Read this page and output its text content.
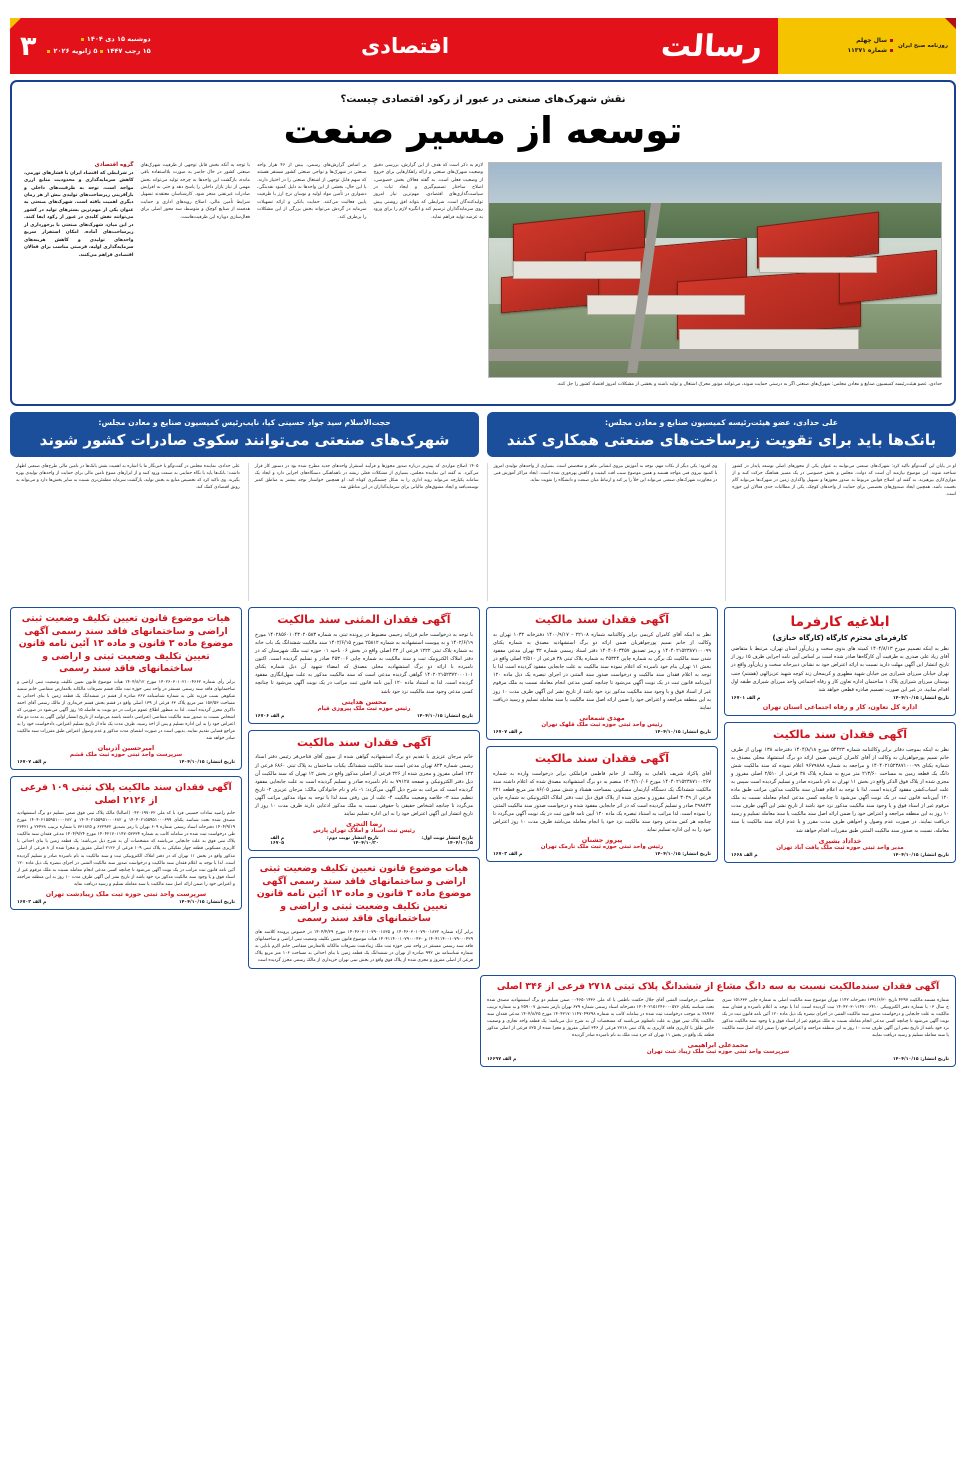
روزنامه صبح ایران
سال چهلم
شماره ۱۱۳۷۱
رسالت
اقتصادی
۳	دوشنبه ۱۵ دی ۱۴۰۴
۱۵ رجب ۱۴۴۷۵ ژانویه ۲۰۲۶
نقش شهرک‌های صنعتی در عبور از رکود اقتصادی چیست؟
توسعه از مسیر صنعت
حدادی، عضو هیئت‌رئیسه کمیسیون صنایع و معادن مجلس: شهرک‌های صنعتی اگر به درستی حمایت شوند، می‌توانند موتور محرک اشتغال و تولید باشند و بخشی از مشکلات امروز اقتصاد کشور را حل کنند.
لازم به ذکر است که هدف از این گزارش، بررسی دقیق وضعیت شهرک‌های صنعتی و ارائه راهکارهایی برای خروج از وضعیت فعلی است. به گفته فعالان بخش خصوصی، اصلاح ساختار تصمیم‌گیری و ایجاد ثبات در سیاست‌گذاری‌های اقتصادی، مهم‌ترین نیاز امروز تولیدکنندگان است. شرایطی که بتواند افق روشنی پیش روی سرمایه‌گذاران ترسیم کند و انگیزه لازم را برای ورود به عرصه تولید فراهم نماید.
بر اساس گزارش‌های رسمی، بیش از ۴۶ هزار واحد صنعتی در شهرک‌ها و نواحی صنعتی کشور مستقر هستند که سهم قابل توجهی از اشتغال صنعتی را در اختیار دارند. با این حال، بخشی از این واحدها به دلیل کمبود نقدینگی، دشواری در تأمین مواد اولیه و نوسان نرخ ارز با ظرفیت پایین فعالیت می‌کنند. حمایت بانکی و ارائه تسهیلات سرمایه در گردش می‌تواند بخش بزرگی از این مشکلات را برطرف کند.
با توجه به آنکه بخش قابل توجهی از ظرفیت شهرک‌های صنعتی کشور در حال حاضر به صورت بلااستفاده باقی مانده، بازگشت این واحدها به چرخه تولید می‌تواند بخش مهمی از نیاز بازار داخلی را پاسخ دهد و حتی به افزایش صادرات غیرنفتی منجر شود. کارشناسان معتقدند تسهیل شرایط تأمین مالی، اصلاح رویه‌های اداری و حمایت هدفمند از صنایع کوچک و متوسط، سه محور اصلی برای فعال‌سازی دوباره این ظرفیت‌هاست.
گروه اقتصادی
در شرایطی که اقتصاد ایران با فشارهای تورمی، کاهش سرمایه‌گذاری و محدودیت منابع ارزی مواجه است، توجه به ظرفیت‌های داخلی و بازآفرینی زیرساخت‌های تولیدی بیش از هر زمان دیگری اهمیت یافته است. شهرک‌های صنعتی به عنوان یکی از مهم‌ترین بسترهای تولید در کشور می‌توانند نقش کلیدی در عبور از رکود ایفا کنند. در این میان، شهرک‌های صنعتی با برخورداری از زیرساخت‌های آماده، امکان استقرار سریع واحدهای تولیدی و کاهش هزینه‌های سرمایه‌گذاری اولیه، فرصتی مناسب برای فعالان اقتصادی فراهم می‌کنند.
علی حدادی، عضو هیئت‌رئیسه کمیسیون صنایع و معادن مجلس:
بانک‌ها باید برای تقویت زیرساخت‌های صنعتی همکاری کنند
حجت‌الاسلام سید جواد حسینی کیا، نایب‌رئیس کمیسیون صنایع و معادن مجلس:
شهرک‌های صنعتی می‌توانند سکوی صادرات کشور شوند
او در پایان این گفت‌وگو تاکید کرد: شهرک‌های صنعتی می‌توانند به عنوان یکی از محورهای اصلی توسعه پایدار در کشور شناخته شوند. این موضوع نیازمند آن است که دولت، مجلس و بخش خصوصی در یک مسیر هماهنگ حرکت کنند و از موازی‌کاری بپرهیزند. به گفته او، اصلاح قوانین مربوط به صدور مجوزها و تسهیل واگذاری زمین در شهرک‌ها می‌تواند گام نخست باشد. همچنین ایجاد صندوق‌های تخصصی برای حمایت از واحدهای کوچک، یکی از مطالبات جدی فعالان این حوزه است.
وی افزود: یکی دیگر از نکات مهم، توجه به آموزش نیروی انسانی ماهر و متخصص است. بسیاری از واحدهای تولیدی امروز با کمبود نیروی فنی مواجه هستند و همین موضوع سبب افت کیفیت و کاهش بهره‌وری شده است. ایجاد مراکز آموزش فنی در مجاورت شهرک‌های صنعتی می‌تواند این خلأ را پر کند و ارتباط میان صنعت و دانشگاه را تقویت نماید.
۱۴۰۵ اصلاح مواردی که پیش‌تر درباره صدور مجوزها و فرآیند استقرار واحدهای جدید مطرح شده بود در دستور کار قرار می‌گیرد. به گفته این نماینده مجلس، بسیاری از مشکلات فعلی ریشه در ناهماهنگی دستگاه‌های اجرایی دارد و ایجاد یک سامانه یکپارچه می‌تواند روند اداری را به شکل چشمگیری کوتاه کند. او همچنین خواستار توجه بیشتر به مناطق کمتر توسعه‌یافته و ایجاد مشوق‌های مالیاتی برای سرمایه‌گذاران در این مناطق شد.
علی حدادی، نماینده مجلس در گفت‌وگو با خبرنگار ما با اشاره به اهمیت نقش بانک‌ها در تامین مالی طرح‌های صنعتی اظهار داشت: بانک‌ها باید با نگاه حمایتی به صنعت ورود کنند و از ابزارهای متنوع تامین مالی برای حمایت از واحدهای تولیدی بهره بگیرند. وی تاکید کرد که تخصیص منابع به بخش تولید، بازگشت سرمایه مطمئن‌تری نسبت به سایر بخش‌ها دارد و می‌تواند به رونق اقتصادی کمک کند.
ابلاغیه کارفرما
کارفرمای محترم کارگاه (کارگاه خبازی)
نظر به اینکه تصمیم مورخ ۱۴۰۴/۸/۱۳ کمیته های بدوی سخت و زیان‌آور استان تهران، مرتبط با متقاضی آقای زیاد علی صدری به طرفیت آن کارگاه‌ها صادر شده است بر اساس آیین نامه اجرایی ظرف ۱۵ روز از تاریخ انتشار این آگهی مهلت دارید نسبت به ارائه اعتراض خود به نشانی دبیرخانه سخت و زیان‌آور واقع در تهران خیابان میرزای شیرازی بین خیابان شهید مطهری و کریمخان زند کوچه شهید عزیزالهی (هشتم) جنب بوستان میرزای شیرازی پلاک ۱ ساختمان اداره تعاون کار و رفاه اجتماعی واحد میرزای شیرازی طبقه اول اقدام نمایید. در غیر این صورت تصمیم صادره قطعی خواهد شد
تاریخ انتشار: ۱۴۰۴/۱۰/۱۵
م الف ۱۶۷۰۱
اداره کل تعاون، کار و رفاه اجتماعی استان تهران
آگهی فقدان سند مالکیت
نظر به اینکه بموجب دفاتر برابر وکالتنامه شماره ۵۴۴۲۳ مورخ ۱۴۰۴/۸/۱۸ دفترخانه ۱۳۸ تهران از طرف خانم نسیم پورجواهریان به وکالت از آقای کامران کریمی ضمن ارائه دو برگ استشهاد محلی مصدق به شماره یکتای ۱۴۰۴۰۲۱۵۲۳۸۷۱۰۰۰۹۹ و مراجعه به شماره ۹۶۷۹۸۸۸ اعلام نموده که سند مالکیت شش دانگ یک قطعه زمین به مساحت ۲۱۳/۶۰ متر مربع به شماره پلاک ۳۸ فرعی از ۲/۵۱۰ اصلی مفروز و مجزی شده از پلاک فوق الذکر واقع در بخش ۱۱ تهران به نام نامبرده صادر و تسلیم گردیده است سپس به علت اسباب‌کشی مفقود گردیده است. لذا با توجه به اعلام فقدان سند مالکیت مذکور، مراتب طبق ماده ۱۲۰ آیین‌نامه قانون ثبت در یک نوبت آگهی می‌شود تا چنانچه کسی مدعی انجام معامله نسبت به ملک مرقوم غیر از اسناد فوق و یا وجود سند مالکیت مذکور نزد خود باشد از تاریخ نشر این آگهی ظرف مدت ۱۰ روز به این منطقه مراجعه و اعتراض خود را ضمن ارائه اصل سند مالکیت یا سند معامله تسلیم و رسید دریافت نمایند. در صورت عدم وصول و اخواهی طرف مدت مقرر و یا عدم ارائه سند مالکیت یا سند معامله، نسبت به صدور سند مالکیت المثنی طبق مقررات اقدام خواهد شد
خداداد بشیری
مدیر واحد ثبتی حوزه ثبت ملک یافت آباد تهران
تاریخ انتشار: ۱۴۰۴/۱۰/۱۵
م الف ۱۶۶۸
آگهی فقدان سند مالکیت
نظر به اینکه آقای کامران کریمی برابر وکالتنامه شماره ۲۲۱۰۸ - ۱۴۰۰/۹/۱۷ دفترخانه ۱۰۳۲ تهران به وکالت از خانم نسیم پورجواهریان ضمن ارائه دو برگ استشهادیه مصدق به شماره یکتای ۱۴۰۴۰۲۱۵۲۳۸۷۱۰۰۰۹۹ و رمز تصدیق ۱۴۰۴۰۶۰۳۴۵۷ دفتر اسناد رسمی شماره ۳۲ تهران مدعی مفقود شدن سند مالکیت تک برگی به شماره چاپی ۴۵۳۲۴ به شماره پلاک ثبتی ۳۸ فرعی از ۲/۵۱۰ اصلی واقع در بخش ۱۱ تهران بنام خود نامبرده که اعلام نموده سند مالکیت به علت جابجایی مفقود گردیده است لذا با توجه به اعلام فقدان سند مالکیت و درخواست صدور سند المثنی در اجرای تبصره یک ذیل ماده ۱۲۰ آیین‌نامه قانون ثبت در یک نوبت آگهی می‌شود تا چنانچه کسی مدعی انجام معامله نسبت به ملک مرقوم غیر از اسناد فوق و یا وجود سند مالکیت مذکور نزد خود باشد از تاریخ نشر این آگهی ظرف مدت ۱۰ روز به این منطقه مراجعه و اعتراض خود را ضمن ارائه اصل سند مالکیت یا سند معامله تسلیم و رسید دریافت نمایند
مهدی شمعانی
رئیس واحد ثبتی حوزه ثبت ملک قلهک تهران
تاریخ انتشار: ۱۴۰۴/۱۰/۱۵
م الف ۱۶۷۰۷
آگهی فقدان سند مالکیت
آقای پاکزاد شریف بالعابی به وکالت از خانم فاطمی قراملکی برابر درخواست وارده به شماره ۱۴۰۴۰۲۱۵۲۳۸۷۱۰۰۲۶۷ مورخ ۱۴۰۴/۱۰/۰۶ منضم به دو برگ استشهادیه مصدق شده که اعلام داشته سند مالکیت ششدانگ یک دستگاه آپارتمان مسکونی بمساحت هشتاد و شش ممیز ۸۶/۰۵ متر مربع قطعه ۲۲۱ فرعی از ۳۰۴۹ اصلی مفروز و مجزی شده از پلاک فوق ذیل ثبت دفتر املاک الکترونیکی به شماره چاپی ۲۹۸۸۴۳ صادر و تسلیم گردیده است که در اثر جابجایی مفقود شده و درخواست صدور سند مالکیت المثنی را نموده است. لذا مراتب به استناد تبصره یک ماده ۱۲۰ آیین نامه قانون ثبت در یک نوبت آگهی می‌گردد تا چنانچه هر کس مدعی وجود سند مالکیت نزد خود یا انجام معامله می‌باشد ظرف مدت ۱۰ روز اعتراض خود را به این اداره تسلیم نماید
پیروز جشنان
رئیس واحد ثبتی حوزه ثبت ملک نارمک تهران
تاریخ انتشار: ۱۴۰۴/۱۰/۱۵
م الف ۱۶۷۰۳
آگهی فقدان المثنی سند مالکیت
با توجه به درخواست خانم فرزانه رحیمی مضبوط در پرونده ثبتی به شماره ۱۴۰۲۸۵۶۰۱۰۴۳۰۲۰۵۸۳ مورخ ۱۴۰۲/۶/۱۹ و به پیوست استشهادیه به شماره ۲۵۸۱۲ مورخ ۱۴۰۲/۶/۱۵ سند مالکیت ششدانگ یک باب خانه به شماره پلاک ثبتی ۱۲۲۲ فرعی از ۴۳ اصلی واقع در بخش ۰۶ ناحیه ۰۱ حوزه ثبت ملک شهرستان که در دفتر املاک الکترونیک ثبت و سند مالکیت به شماره چاپی ۴۵۳۰۰۶ صادر و تسلیم گردیده است. اکنون نامبرده با ارائه دو برگ استشهادیه محلی مصدق که امضاء شهود آن ذیل شماره یکتای ۱۴۰۲۰۲۱۵۲۳۷۲۰۰۰۱۰۱ گواهی گردیده مدعی است که سند مالکیت مذکور به علت سهل‌انگاری مفقود گردیده است. لذا به استناد ماده ۱۲۰ آیین نامه قانون ثبت مراتب در یک نوبت آگهی می‌شود تا چنانچه کسی مدعی وجود سند مالکیت نزد خود باشد
محسن هدایتی
رئیس حوزه ثبت ملک پیروزی قیام
تاریخ انتشار: ۱۴۰۴/۱۰/۱۵
م الف ۱۶۷۰۶
آگهی فقدان سند مالکیت
خانم مرجان عزیزی با تقدیم دو برگ استشهادیه گواهی شده از سوی آقای فتاحی‌فر رئیس دفتر اسناد رسمی شماره ۸۲۳ تهران مدعی است سند مالکیت ششدانگ یکباب ساختمان به پلاک ثبتی ۶۸۶۰ فرعی از ۱۲۲ اصلی مفروز و مجزی شده از ۲۲۶ فرعی از اصلی مذکور واقع در بخش ۱۲ تهران که سند مالکیت آن ذیل دفتر الکترونیکی و صفحه ۷۹۱۲۸ به نام نامبرده صادر و تسلیم گردیده است به علت جابجایی مفقود گردیده است که مراتب به شرح ذیل آگهی می‌گردد: ۱- نام و نام خانوادگی مالک: مرجان عزیزی ۲- تاریخ تنظیم سند ۳- خلاصه وضعیت مالکیت ۴- علت از بین رفتن سند لذا با توجه به مواد مذکور مراتب آگهی می‌گردد تا چنانچه اشخاص حقیقی یا حقوقی نسبت به ملک مذکور ادعایی دارند ظرف مدت ۱۰ روز از تاریخ انتشار این آگهی اعتراض خود را به این اداره تسلیم نمایند
رضا التجری
رئیس ثبت اسناد و املاک تهران پارس
تاریخ انتشار نوبت اول: ۱۴۰۴/۱۰/۱۵
تاریخ انتشار نوبت دوم: ۱۴۰۴/۱۰/۲۰
م الف ۱۶۷۰۵
هیات موضوع قانون تعیین تکلیف وضعیت ثبتی اراضی و ساختمانهای فاقد سند رسمی آگهی موضوع ماده ۳ قانون و ماده ۱۳ آئین نامه قانون تعیین تکلیف وضعیت ثبتی و اراضی و ساختمانهای فاقد سند رسمی
برابر آراء شماره ۱۴۰۴۶۰۳۰۱۰۷۹۰۰۱۸۳۲ و ۱۴۰۴۶۰۳۰۱۰۷۹۰۰۱۸۳۵ مورخ ۱۴۰۴/۴/۲۹ در خصوص پرونده کلاسه های ۱۴۰۴۱۱۴۰۰۱۰۷۹۰۰۰۴۲۹ و ۱۴۰۴۱۱۴۰۰۱۰۷۹۰۰۰۴۳۰ هیات موضوع قانون تعیین تکلیف وضعیت ثبتی اراضی و ساختمانهای فاقد سند رسمی مستقر در واحد ثبتی حوزه ثبت ملک زیبادشت تصرفات مالکانه بلامعارض متقاضی خانم اکرم بابایی به شماره شناسنامه ش ۹۹۲ صادره از تهران در ششدانگ یک قطعه زمین با بنای احداثی به مساحت ۱۰۶ متر مربع پلاک فرعی از اصلی مفروز و مجزی شده از پلاک فوق واقع در بخش ثبتی تهران خریداری از مالک رسمی محرز گردیده است
هیات موضوع قانون تعیین تکلیف وضعیت ثبتی اراضی و ساختمانهای فاقد سند رسمی آگهی موضوع ماده ۳ قانون و ماده ۱۳ آئین نامه قانون تعیین تکلیف وضعیت ثبتی و اراضی و ساختمانهای فاقد سند رسمی
برابر رأی شماره ۱۴۰۲۶۰۳۰۱۰۲۱۰۰۴۶۶۲ مورخ ۱۴۰۴/۸/۱۲ هیات موضوع قانون تعیین تکلیف وضعیت ثبتی اراضی و ساختمانهای فاقد سند رسمی مستقر در واحد ثبتی حوزه ثبت ملک قشم تصرفات مالکانه بلامعارض متقاضی خانم سمیه شکوهی نسب فرزند علی به شماره شناسنامه ۳۶۷ صادره از قشم در ششدانگ یک قطعه زمین با بنای احداثی به مساحت ۱۵۳/۵۳ متر مربع پلاک ۶۳ فرعی از ۱۳۹ اصلی واقع در قشم بخش قشم خریداری از مالک رسمی آقای احمد ذاکری محرز گردیده است. لذا به منظور اطلاع عموم مراتب در دو نوبت به فاصله ۱۵ روز آگهی می‌شود در صورتی که اشخاص نسبت به صدور سند مالکیت متقاضی اعتراضی داشته باشند می‌توانند از تاریخ انتشار اولین آگهی به مدت دو ماه اعتراض خود را به این اداره تسلیم و پس از اخذ رسید، ظرف مدت یک ماه از تاریخ تسلیم اعتراض، دادخواست خود را به مراجع قضایی تقدیم نمایند. بدیهی است در صورت انقضای مدت مذکور و عدم وصول اعتراض طبق مقررات سند مالکیت صادر خواهد شد
امیرحسین آذرنیان
سرپرست واحد ثبتی حوزه ثبت ملک قشم
تاریخ انتشار: ۱۴۰۴/۱۰/۱۵
م الف ۱۶۷۰۷
آگهی فقدان سند مالکیت پلاک ثبتی ۱۰۹ فرعی از ۲۱۲۶ اصلی
خانم راضیه سادات حسینی فرد با کد ملی ۰۴۲۰۱۹۷۰۳۲ (اصالتا) مالک پلاک ثبتی فوق ضمن تسلیم دو برگ استشهادیه مصدق شده تحت شناسه یکتای ۱۴۰۴۰۲۱۵۵۹۵۱۰۰۰۶۹۹ و ۱۴۰۴۰۲۱۵۵۹۵۱۰۰۰۶۸۲ و ۱۴۰۴۰۲۱۵۵۹۵۱۰۰۰۶۸۲ مورخ ۱۴۰۴/۹/۱۹ دفترخانه اسناد رسمی شماره ۶۰۹ تهران با رمز تصدیق ۶۲۲۹۳۲ و ۷۳۱۸۲۵ با شماره ترتیب ۲۳۴۳۸ و ۲۳۴۲۱ طی درخواست ثبت شده در سامانه کاتب به شماره ۱۴۰۴۲۱۷۰۱۱۴۷۰۵۲۳۳۴ مورخ ۱۴۰۴/۹/۲۴ مدعی فقدان سند مالکیت پلاک ثبتی فوق به علت جابجایی می‌باشند که مشخصات آن به شرح ذیل می‌باشد: یک قطعه زمین با بنای احداثی با کاربری مسکونی قطعه چهار تفکیکی به پلاک ثبتی ۱۰۹ فرعی از ۲۱۲۶ اصلی مفروز و مجزا شده از ۸ فرعی از اصلی مذکور واقع در بخش ۱۱ تهران که در دفتر املاک الکترونیکی ثبت و سند مالکیت به نام نامبرده صادر و تسلیم گردیده است. لذا با توجه به اعلام فقدان سند مالکیت و درخواست صدور سند مالکیت المثنی در اجرای تبصره یک ذیل ماده ۱۲۰ آئین نامه قانون ثبت مراتب در یک نوبت آگهی می‌شود تا چنانچه کسی مدعی انجام معامله نسبت به ملک مرقوم غیر از اسناد فوق و یا وجود سند مالکیت مذکور نزد خود باشد از تاریخ نشر این آگهی ظرف مدت ۱۰ روز به این منطقه مراجعه و اعتراض خود را ضمن ارائه اصل سند مالکیت یا سند معامله تسلیم و رسید دریافت نماید
سرپرست واحد ثبتی حوزه ثبت ملک زیبادشت تهران
تاریخ انتشار: ۱۴۰۴/۱۰/۱۵
م الف ۱۶۷۰۲
آگهی فقدان سندمالکیت نسبت به سه دانگ مشاع از ششدانگ پلاک ثبتی ۲۷۱۸ فرعی از ۳۴۶ اصلی
شماره مستند مالکیت ۴۲۹۷ تاریخ ۱۳۹۱/۶/۳۰ دفترخانه ۱۱۴۲ تهران موضوع سند مالکیت اصلی به شماره چاپی ۱۵۱۶۳۳ سری ج سال ۰۳ با شماره دفتر الکترونیکی ۱۴۰۴۲۰۳۰۱۱۴۷۰۰۶۴۱۰ ثبت گردیده است. لذا با توجه به اعلام نامبرده و فقدان سند مالکیت به علت جابجایی و درخواست صدور سند مالکیت المثنی در اجرای تبصره یک ذیل ماده ۱۲۰ آئین نامه قانون ثبت در یک نوبت آگهی می‌شود تا چنانچه کسی مدعی انجام معامله نسبت به ملک مرقوم غیر از اسناد فوق و یا وجود سند مالکیت مذکور نزد خود باشد از تاریخ نشر این آگهی ظرف مدت ۱۰ روز به این منطقه مراجعه و اعتراض خود را ضمن ارائه اصل سند مالکیت یا سند معامله تسلیم و رسید دریافت نمایند
متقاضی درخواست المثنی آقای جلال حکمت ناظمی با کد ملی ۰۰۴۶۵۰۱۴۳۶ ضمن تسلیم دو برگ استشهادیه مصدق شده تحت شناسه یکتای ۱۴۰۴۰۲۱۵۱۲۴۶۰۰۰۵۷۶ دفترخانه اسناد رسمی شماره ۶۷۹ تهران بارمز تصدیق ۲۵۹۰۰۷ و به شماره ترتیب ۲۸۹۶۷ به موجب درخواست ثبت شده در سامانه کاتب به شماره ۱۴۰۴۲۱۷۰۱۱۴۷۰۴۹۲۹۸ مورخ ۱۴۰۴/۸/۲۵ مدعی فقدان سند مالکیت پلاک ثبتی فوق به علت نامعلوم می‌باشند که مشخصات آن به شرح ذیل می‌باشد: یک قطعه واحد تجاری و وضعیت خاص طلق با کاربری فاقد کاربری به پلاک ثبتی ۲۷۱۸ فرعی از ۳۴۶ اصلی مفروز و مجزا شده از ۸۲۵ فرعی از اصلی مذکور قطعه یک واقع در بخش ۱۱ تهران که جزء ثبت ملک به نام نامبرده صادر گردیده
محمدعلی ابراهیمی
سرپرست واحد ثبتی حوزه ثبت ملک زیباد شت تهران
تاریخ انتشار: ۱۴۰۴/۱۰/۱۵
م الف ۱۶۶۹۷
